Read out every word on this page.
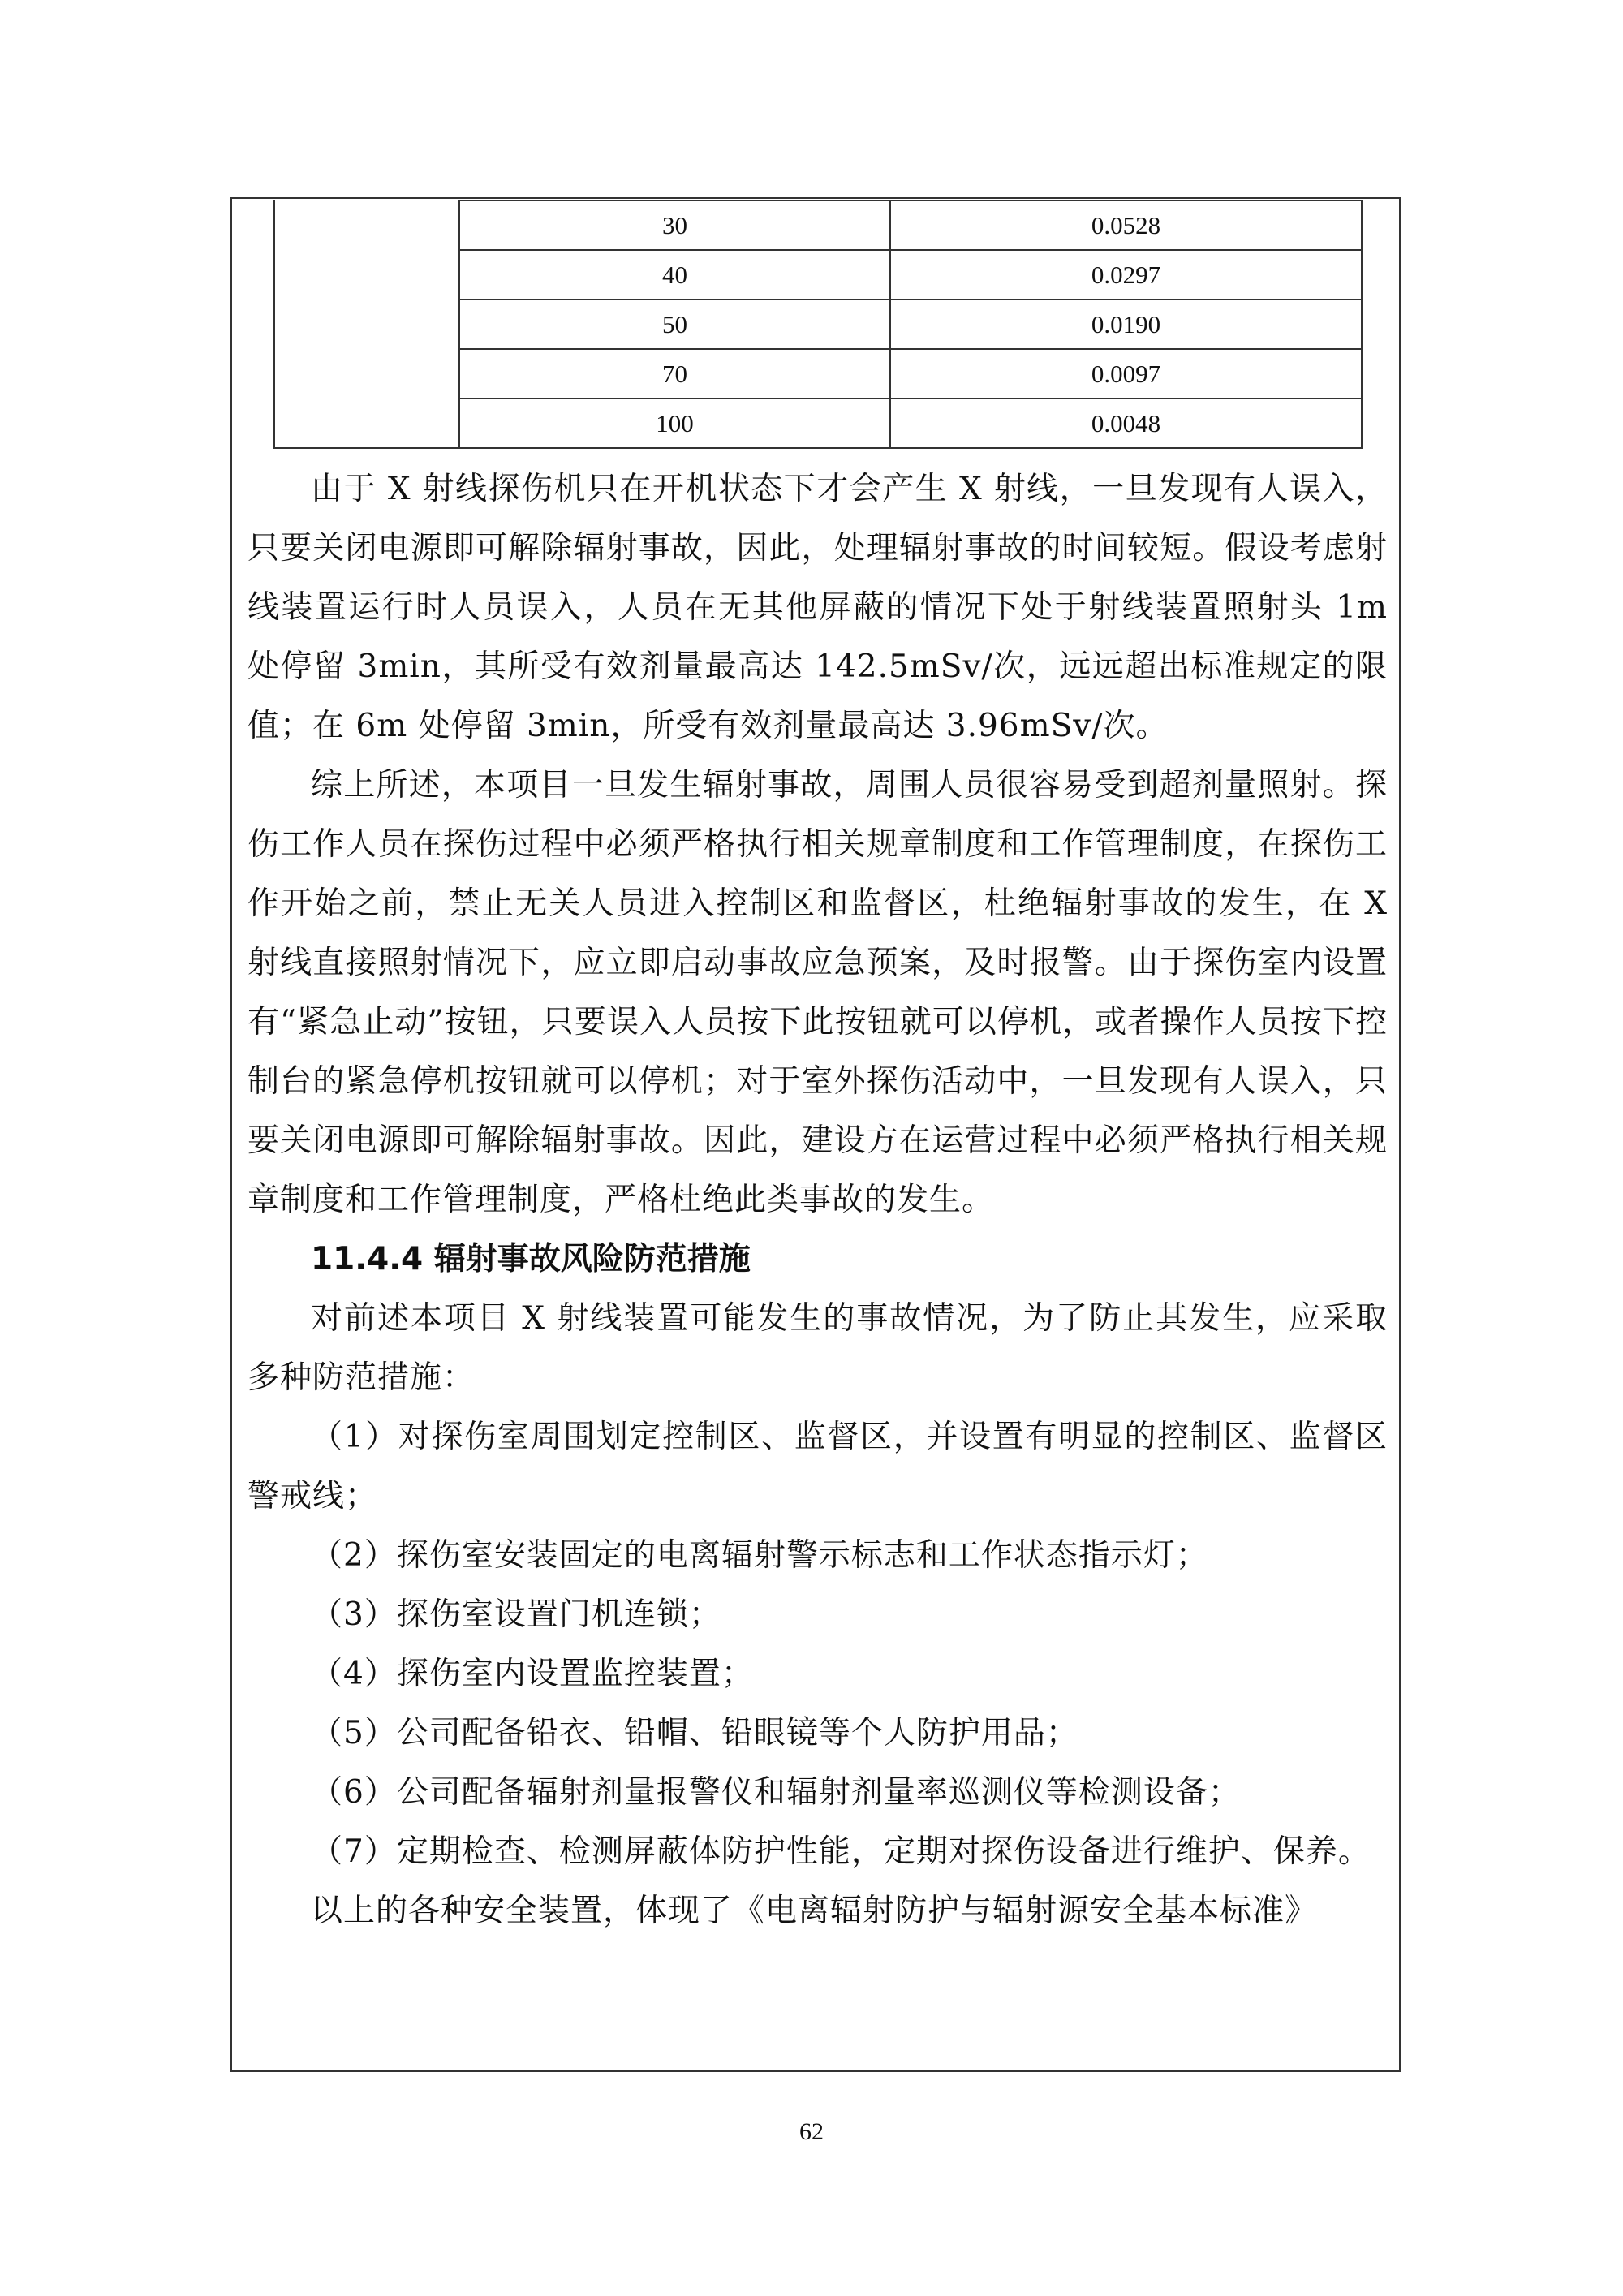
	30	0.0528
	40	0.0297
	50	0.0190
	70	0.0097
	100	0.0048

由于 X 射线探伤机只在开机状态下才会产生 X 射线，一旦发现有人误入，只要关闭电源即可解除辐射事故，因此，处理辐射事故的时间较短。假设考虑射线装置运行时人员误入，人员在无其他屏蔽的情况下处于射线装置照射头 1m 处停留 3min，其所受有效剂量最高达 142.5mSv/次，远远超出标准规定的限值；在 6m 处停留 3min，所受有效剂量最高达 3.96mSv/次。

综上所述，本项目一旦发生辐射事故，周围人员很容易受到超剂量照射。探伤工作人员在探伤过程中必须严格执行相关规章制度和工作管理制度，在探伤工作开始之前，禁止无关人员进入控制区和监督区，杜绝辐射事故的发生，在 X 射线直接照射情况下，应立即启动事故应急预案，及时报警。由于探伤室内设置有“紧急止动”按钮，只要误入人员按下此按钮就可以停机，或者操作人员按下控制台的紧急停机按钮就可以停机；对于室外探伤活动中，一旦发现有人误入，只要关闭电源即可解除辐射事故。因此，建设方在运营过程中必须严格执行相关规章制度和工作管理制度，严格杜绝此类事故的发生。

11.4.4 辐射事故风险防范措施

对前述本项目 X 射线装置可能发生的事故情况，为了防止其发生，应采取多种防范措施：

（1）对探伤室周围划定控制区、监督区，并设置有明显的控制区、监督区警戒线；

（2）探伤室安装固定的电离辐射警示标志和工作状态指示灯；

（3）探伤室设置门机连锁；

（4）探伤室内设置监控装置；

（5）公司配备铅衣、铅帽、铅眼镜等个人防护用品；

（6）公司配备辐射剂量报警仪和辐射剂量率巡测仪等检测设备；

（7）定期检查、检测屏蔽体防护性能，定期对探伤设备进行维护、保养。

以上的各种安全装置，体现了《电离辐射防护与辐射源安全基本标准》

62
